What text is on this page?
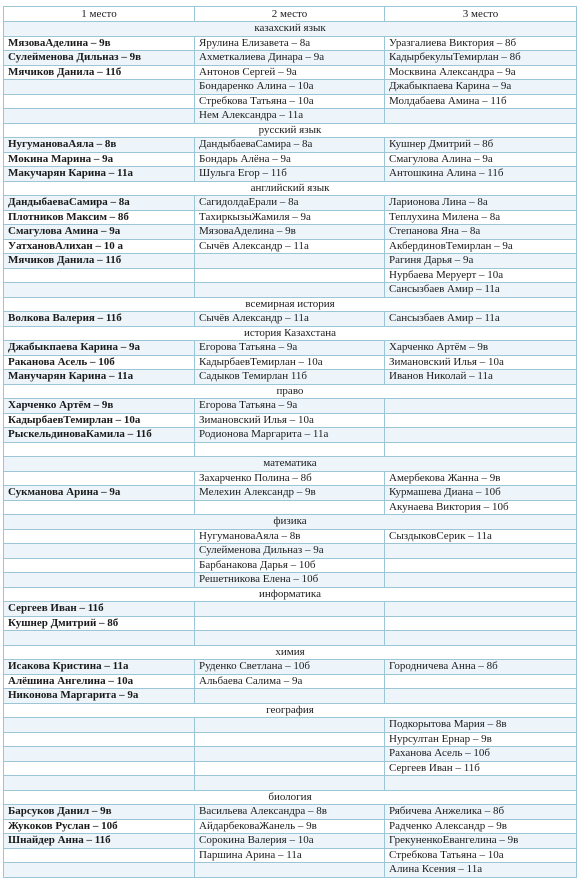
1 место	2 место	3 место
казахский язык		
МязоваАделина – 9в	Ярулина Елизавета – 8а	Уразгалиева Виктория – 8б
Сулейменова Дильназ – 9в	Ахметкалиева Динара – 9а	КадырбекулыТемирлан – 8б
Мячиков Данила – 11б	Антонов Сергей – 9а	Москвина Александра – 9а
	Бондаренко Алина – 10а	Джабыкпаева Карина – 9а
	Стребкова Татьяна – 10а	Молдабаева Амина – 11б
	Нем Александра – 11а	
русский язык		
НугумановаАяла – 8в	ДандыбаеваСамира – 8а	Кушнер Дмитрий – 8б
Мокина Марина – 9а	Бондарь Алёна – 9а	Смагулова Алина – 9а
Макучарян Карина – 11а	Шульга Егор – 11б	Антошкина Алина – 11б
английский язык		
ДандыбаеваСамира – 8а	СагидолдаЕрали – 8а	Ларионова Лина – 8а
Плотников Максим – 8б	ТахиркызыЖамиля – 9а	Теплухина Милена – 8а
Смагулова Амина – 9а	МязоваАделина – 9в	Степанова Яна – 8а
УатхановАлихан – 10 а	Сычёв Александр – 11а	АкбердиновТемирлан – 9а
Мячиков Данила – 11б		Рагиня Дарья – 9а
		Нурбаева Меруерт – 10а
		Сансызбаев Амир – 11а
всемирная история		
Волкова Валерия – 11б	Сычёв Александр – 11а	Сансызбаев Амир – 11а
история Казахстана		
Джабыкпаева Карина – 9а	Егорова Татьяна – 9а	Харченко Артём – 9в
Раканова Асель – 10б	КадырбаевТемирлан – 10а	Зимановский Илья – 10а
Манучарян Карина – 11а	Садыков Темирлан 11б	Иванов Николай – 11а
право		
Харченко Артём – 9в	Егорова Татьяна – 9а	
КадырбаевТемирлан – 10а	Зимановский Илья – 10а	
РыскельдиноваКамила – 11б	Родионова Маргарита – 11а	

математика		
	Захарченко Полина – 8б	Амербекова Жанна – 9в
Сукманова Арина – 9а	Мелехин Александр – 9в	Курмашева Диана – 10б
		Акунаева Виктория – 10б
физика		
	НугумановаАяла – 8в	СыздыковСерик – 11а
	Сулейменова Дильназ – 9а	
	Барбанакова Дарья – 10б	
	Решетникова Елена – 10б	
информатика		
Сергеев Иван – 11б		
Кушнер Дмитрий – 8б		

химия		
Исакова Кристина – 11а	Руденко Светлана – 10б	Городничева Анна – 8б
Алёшина Ангелина – 10а	Альбаева Салима – 9а	
Никонова Маргарита – 9а		
география		
		Подкорытова Мария – 8в
		Нурсултан Ернар – 9в
		Раханова Асель – 10б
		Сергеев Иван – 11б

биология		
Барсуков Данил – 9в	Васильева Александра – 8в	Рябичева Анжелика – 8б
Жукоков Руслан – 10б	АйдарбековаЖанель – 9в	Радченко Александр – 9в
Шнайдер Анна – 11б	Сорокина Валерия – 10а	ГрекуненкоЕвангелина – 9в
	Паршина Арина – 11а	Стребкова Татьяна – 10а
		Алина Ксения – 11а
